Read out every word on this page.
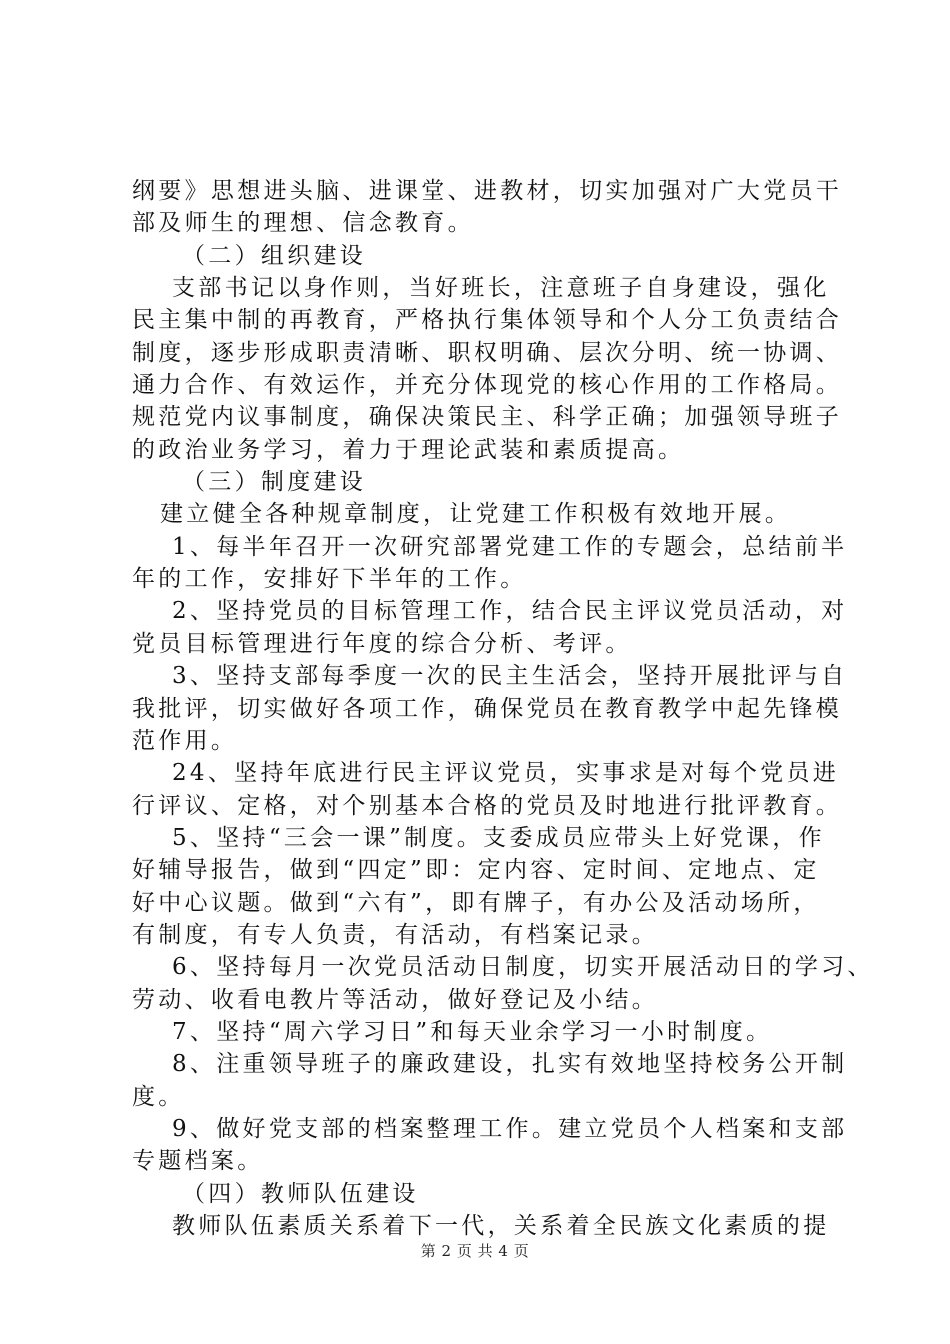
纲要》思想进头脑、进课堂、进教材，切实加强对广大党员干
部及师生的理想、信念教育。
（二）组织建设
支部书记以身作则，当好班长，注意班子自身建设，强化
民主集中制的再教育，严格执行集体领导和个人分工负责结合
制度，逐步形成职责清晰、职权明确、层次分明、统一协调、
通力合作、有效运作，并充分体现党的核心作用的工作格局。
规范党内议事制度，确保决策民主、科学正确；加强领导班子
的政治业务学习，着力于理论武装和素质提高。
（三）制度建设
建立健全各种规章制度，让党建工作积极有效地开展。
1、每半年召开一次研究部署党建工作的专题会，总结前半
年的工作，安排好下半年的工作。
2、坚持党员的目标管理工作，结合民主评议党员活动，对
党员目标管理进行年度的综合分析、考评。
3、坚持支部每季度一次的民主生活会，坚持开展批评与自
我批评，切实做好各项工作，确保党员在教育教学中起先锋模
范作用。
24、坚持年底进行民主评议党员，实事求是对每个党员进
行评议、定格，对个别基本合格的党员及时地进行批评教育。
5、坚持“三会一课”制度。支委成员应带头上好党课，作
好辅导报告，做到“四定”即：定内容、定时间、定地点、定
好中心议题。做到“六有”，即有牌子，有办公及活动场所，
有制度，有专人负责，有活动，有档案记录。
6、坚持每月一次党员活动日制度，切实开展活动日的学习、
劳动、收看电教片等活动，做好登记及小结。
7、坚持“周六学习日”和每天业余学习一小时制度。
8、注重领导班子的廉政建设，扎实有效地坚持校务公开制
度。
9、做好党支部的档案整理工作。建立党员个人档案和支部
专题档案。
（四）教师队伍建设
教师队伍素质关系着下一代，关系着全民族文化素质的提
第 2 页 共 4 页
